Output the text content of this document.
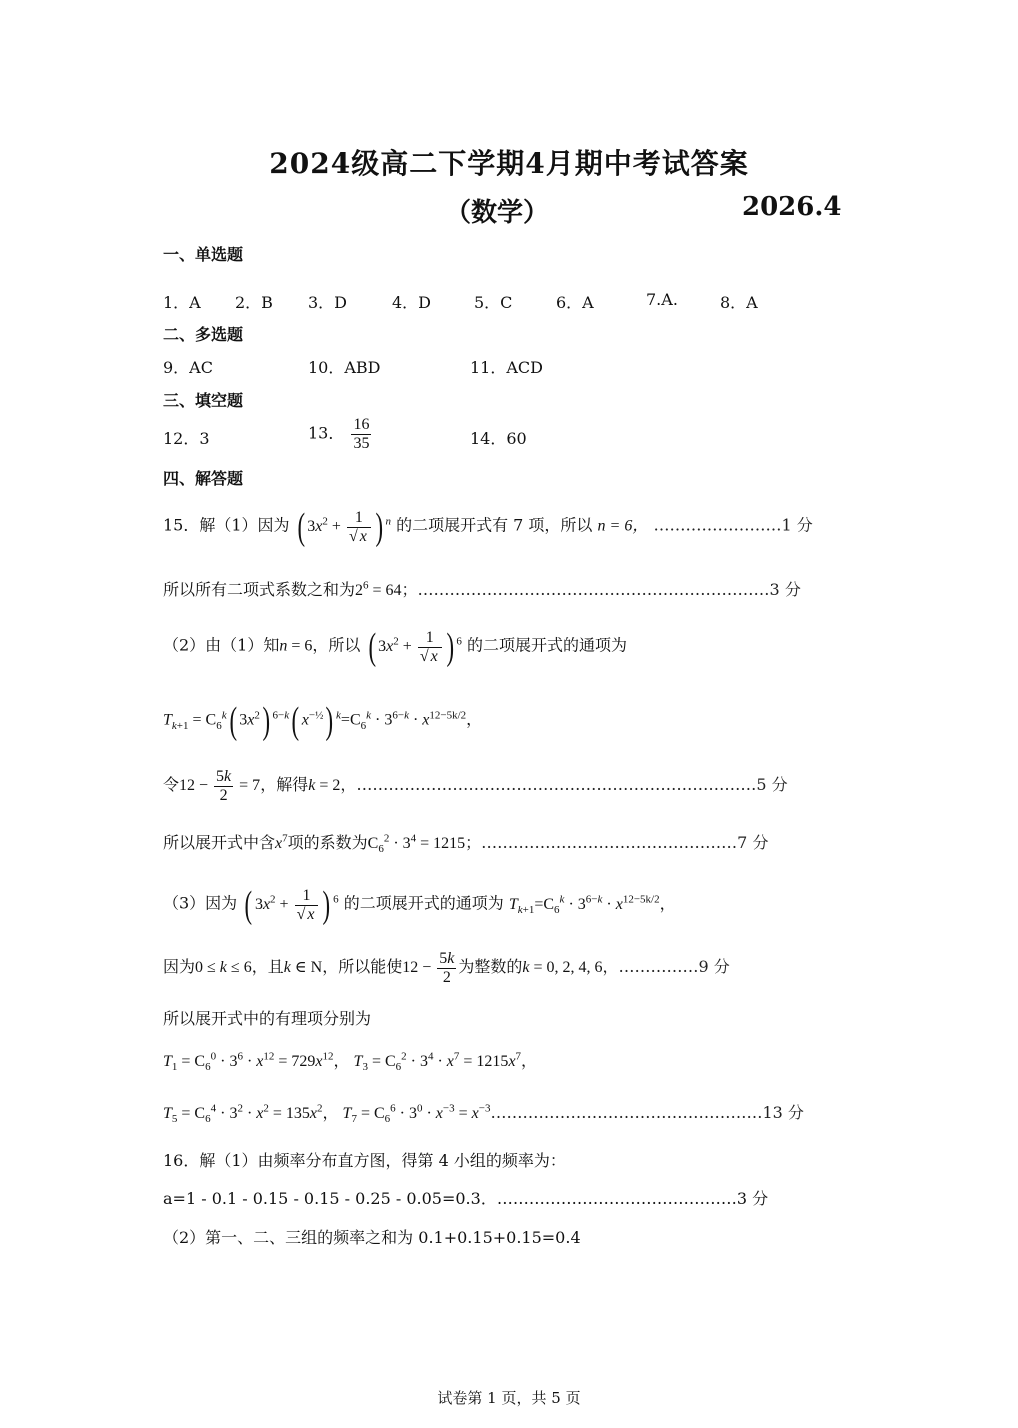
2024级高二下学期4月期中考试答案
（数学）	2026.4
一、单选题
1．A 2．B 3．D	4．D	5．C	6．A	7.A.	8．A
二、多选题
9．AC	10．ABD	11．ACD
三、填空题
12．3	13． $\frac{16}{35}$	14．60
四、解答题
15．解（1）因为 ( $3x^2 + \frac{1}{√ x}$ ) $^n$ 的二项展开式有 7 项，所以 n = 6， ……………………1 分
所以所有二项式系数之和为$2^6 = 64$；…………………………………………………………3 分
（2）由（1）知n = 6，所以 ( $3x^2 + \frac{1}{√ x}$ ) $^6$ 的二项展开式的通项为
$T_{k+1} = C_6^k$( $3x^2$) $^{6-k}$( $x^{-\frac{1}{2}}$) $^k=C_6^k \cdot 3^{6-k} \cdot x^{12-5k/2}$，
令$12 - \frac{5k}{2} = 7$，解得k = 2，…………………………………………………………………5 分
所以展开式中含$x^7$项的系数为$C_6^2 \cdot 3^4 = 1215$；…………………………………………7 分
（3）因为 ( $3x^2 + \frac{1}{√ x}$ ) $^6$ 的二项展开式的通项为 $T_{k+1}=C_6^k \cdot 3^{6-k} \cdot x^{12-5k/2}$，
因为0 ≤ k ≤ 6，且k ∈ N，所以能使$12 - \frac{5k}{2}$ 为整数的k = 0, 2, 4, 6，……………9 分
所以展开式中的有理项分别为
$T_1 = C_6^0 \cdot 3^6 \cdot x^{12} = 729x^{12}$， $T_3 = C_6^2 \cdot 3^4 \cdot x^7 = 1215x^7$，
$T_5 = C_6^4 \cdot 3^2 \cdot x^2 = 135x^2$， $T_7 = C_6^6 \cdot 3^0 \cdot x^{-3}$ = $x^{-3}\dots\dots\dots\dots\dots\dots\dots\dots\dots\dots\dots\dots\dots\dots\dots\dots\dots 13$ 分
16．解（1）由频率分布直方图，得第 4 小组的频率为：
a=1 - 0.1 - 0.15 - 0.15 - 0.25 - 0.05=0.3．………………………………………3 分
（2）第一、二、三组的频率之和为 0.1+0.15+0.15=0.4
试卷第 1 页，共 5 页
